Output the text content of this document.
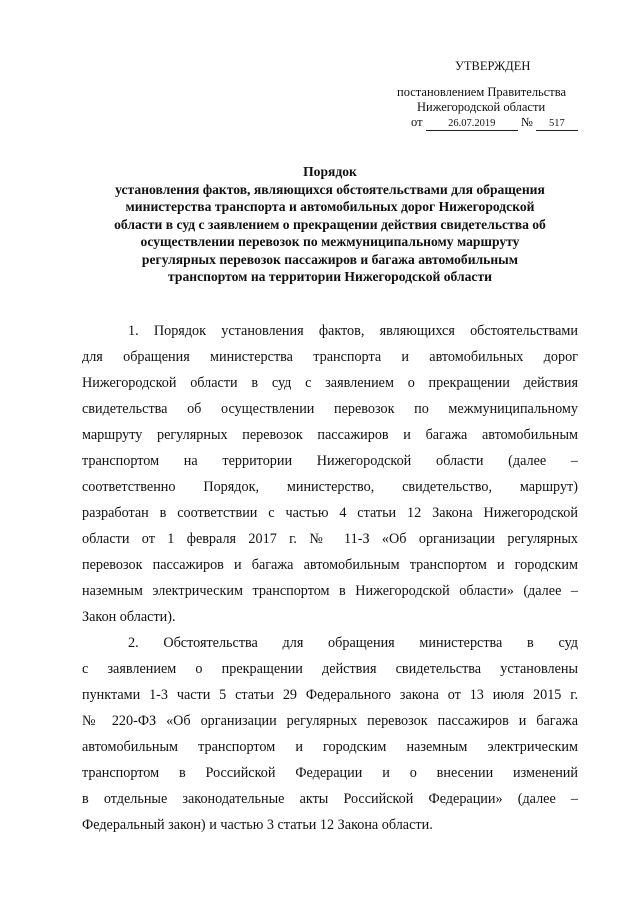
УТВЕРЖДЕН
постановлением Правительства
Нижегородской области
от 26.07.2019 № 517
Порядок
установления фактов, являющихся обстоятельствами для обращения
министерства транспорта и автомобильных дорог Нижегородской
области в суд с заявлением о прекращении действия свидетельства об
осуществлении перевозок по межмуниципальному маршруту
регулярных перевозок пассажиров и багажа автомобильным
транспортом на территории Нижегородской области
1. Порядок установления фактов, являющихся обстоятельствами
для обращения министерства транспорта и автомобильных дорог
Нижегородской области в суд с заявлением о прекращении действия
свидетельства об осуществлении перевозок по межмуниципальному
маршруту регулярных перевозок пассажиров и багажа автомобильным
транспортом на территории Нижегородской области (далее –
соответственно Порядок, министерство, свидетельство, маршрут)
разработан в соответствии с частью 4 статьи 12 Закона Нижегородской
области от 1 февраля 2017 г. № 11-З «Об организации регулярных
перевозок пассажиров и багажа автомобильным транспортом и городским
наземным электрическим транспортом в Нижегородской области» (далее –
Закон области).
2. Обстоятельства для обращения министерства в суд
с заявлением о прекращении действия свидетельства установлены
пунктами 1-3 части 5 статьи 29 Федерального закона от 13 июля 2015 г.
№ 220-ФЗ «Об организации регулярных перевозок пассажиров и багажа
автомобильным транспортом и городским наземным электрическим
транспортом в Российской Федерации и о внесении изменений
в отдельные законодательные акты Российской Федерации» (далее –
Федеральный закон) и частью 3 статьи 12 Закона области.
